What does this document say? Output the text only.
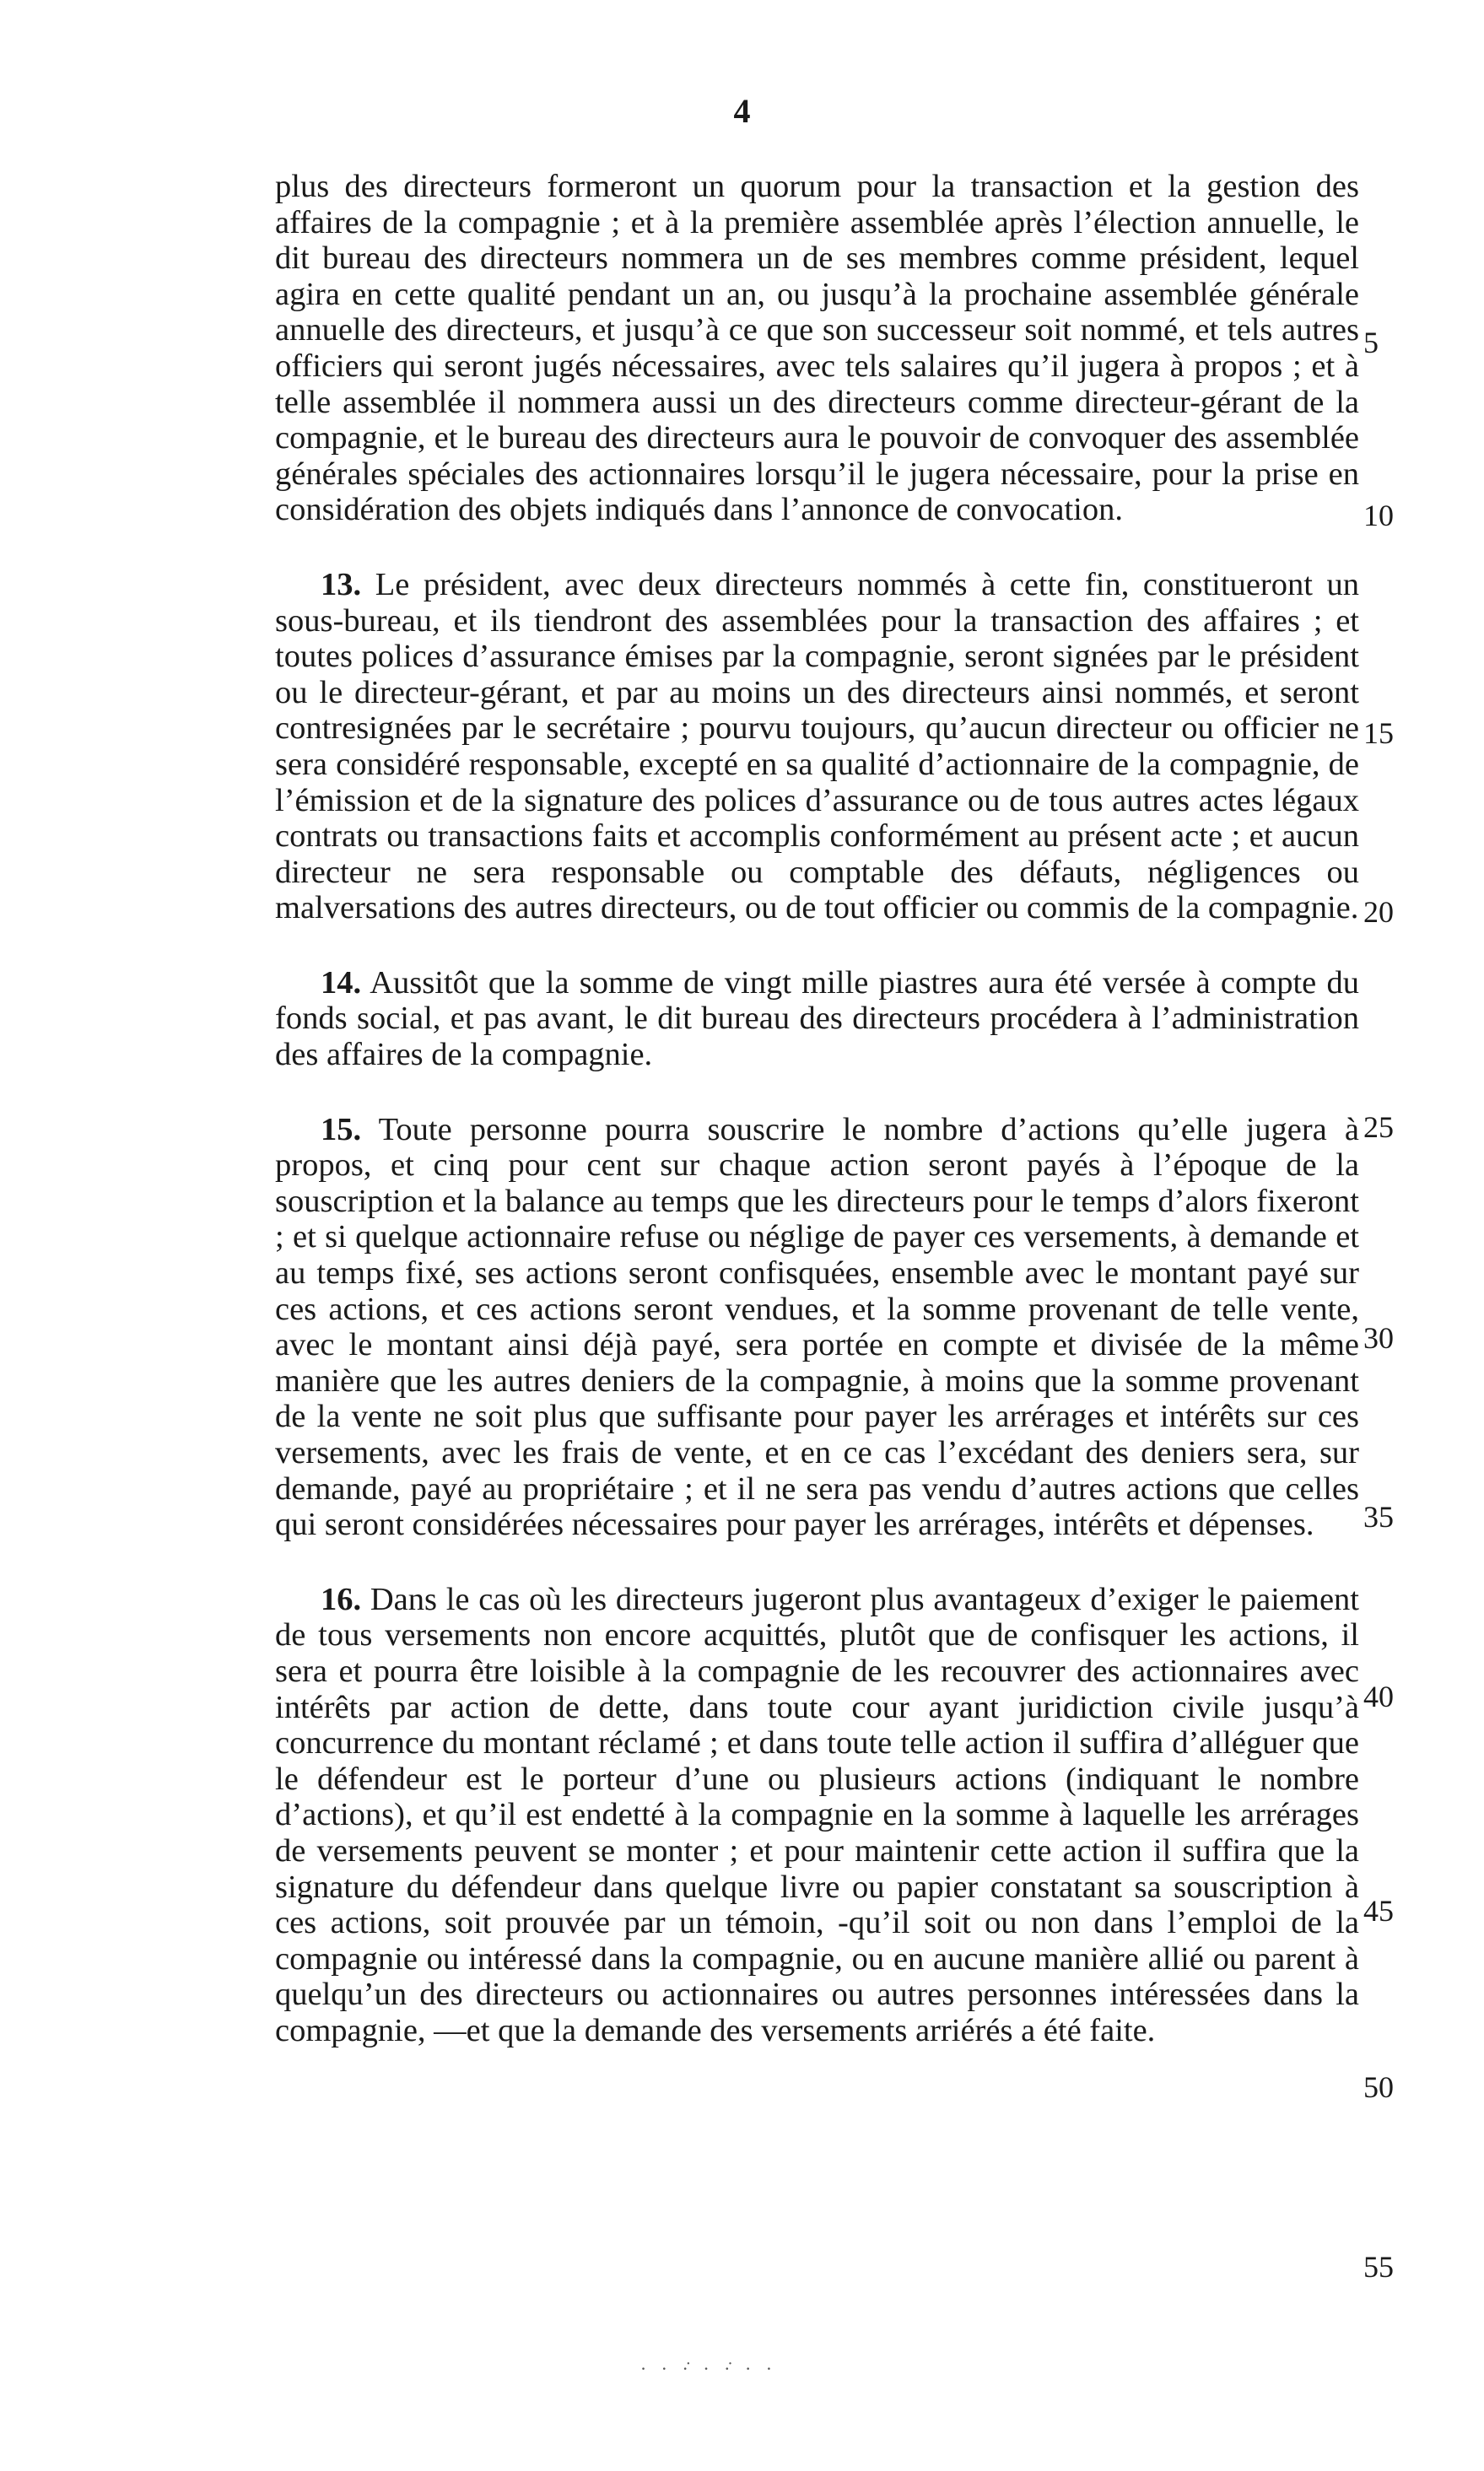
4

plus des directeurs formeront un quorum pour la transaction et la gestion des affaires de la compagnie ; et à la première assemblée après l’élection annuelle, le dit bureau des directeurs nommera un de ses membres comme président, lequel agira en cette qualité pendant un an, ou jusqu’à la prochaine assemblée générale annuelle des directeurs, et jusqu’à ce que son successeur soit nommé, et tels autres officiers qui seront jugés nécessaires, avec tels salaires qu’il jugera à propos ; et à telle assemblée il nommera aussi un des directeurs comme directeur-gérant de la compagnie, et le bureau des directeurs aura le pouvoir de convoquer des assemblée générales spéciales des actionnaires lorsqu’il le jugera nécessaire, pour la prise en considération des objets indiqués dans l’annonce de convocation.

13. Le président, avec deux directeurs nommés à cette fin, constitueront un sous-bureau, et ils tiendront des assemblées pour la transaction des affaires ; et toutes polices d’assurance émises par la compagnie, seront signées par le président ou le directeur-gérant, et par au moins un des directeurs ainsi nommés, et seront contresignées par le secrétaire ; pourvu toujours, qu’aucun directeur ou officier ne sera considéré responsable, excepté en sa qualité d’actionnaire de la compagnie, de l’émission et de la signature des polices d’assurance ou de tous autres actes légaux contrats ou transactions faits et accomplis conformément au présent acte ; et aucun directeur ne sera responsable ou comptable des défauts, négligences ou malversations des autres directeurs, ou de tout officier ou commis de la compagnie.

14. Aussitôt que la somme de vingt mille piastres aura été versée à compte du fonds social, et pas avant, le dit bureau des directeurs procédera à l’administration des affaires de la compagnie.

15. Toute personne pourra souscrire le nombre d’actions qu’elle jugera à propos, et cinq pour cent sur chaque action seront payés à l’époque de la souscription et la balance au temps que les directeurs pour le temps d’alors fixeront ; et si quelque actionnaire refuse ou néglige de payer ces versements, à demande et au temps fixé, ses actions seront confisquées, ensemble avec le montant payé sur ces actions, et ces actions seront vendues, et la somme provenant de telle vente, avec le montant ainsi déjà payé, sera portée en compte et divisée de la même manière que les autres deniers de la compagnie, à moins que la somme provenant de la vente ne soit plus que suffisante pour payer les arrérages et intérêts sur ces versements, avec les frais de vente, et en ce cas l’excédant des deniers sera, sur demande, payé au propriétaire ; et il ne sera pas vendu d’autres actions que celles qui seront considérées nécessaires pour payer les arrérages, intérêts et dépenses.

16. Dans le cas où les directeurs jugeront plus avantageux d’exiger le paiement de tous versements non encore acquittés, plutôt que de confisquer les actions, il sera et pourra être loisible à la compagnie de les recouvrer des actionnaires avec intérêts par action de dette, dans toute cour ayant juridiction civile jusqu’à concurrence du montant réclamé ; et dans toute telle action il suffira d’alléguer que le défendeur est le porteur d’une ou plusieurs actions (indiquant le nombre d’actions), et qu’il est endetté à la compagnie en la somme à laquelle les arrérages de versements peuvent se monter ; et pour maintenir cette action il suffira que la signature du défendeur dans quelque livre ou papier constatant sa souscription à ces actions, soit prouvée par un témoin, -qu’il soit ou non dans l’emploi de la compagnie ou intéressé dans la compagnie, ou en aucune manière allié ou parent à quelqu’un des directeurs ou actionnaires ou autres personnes intéressées dans la compagnie, —et que la demande des versements arriérés a été faite.

5
10
15
20
25
30
35
40
45
50
55
· · ·̇ · ·̇ · ·
